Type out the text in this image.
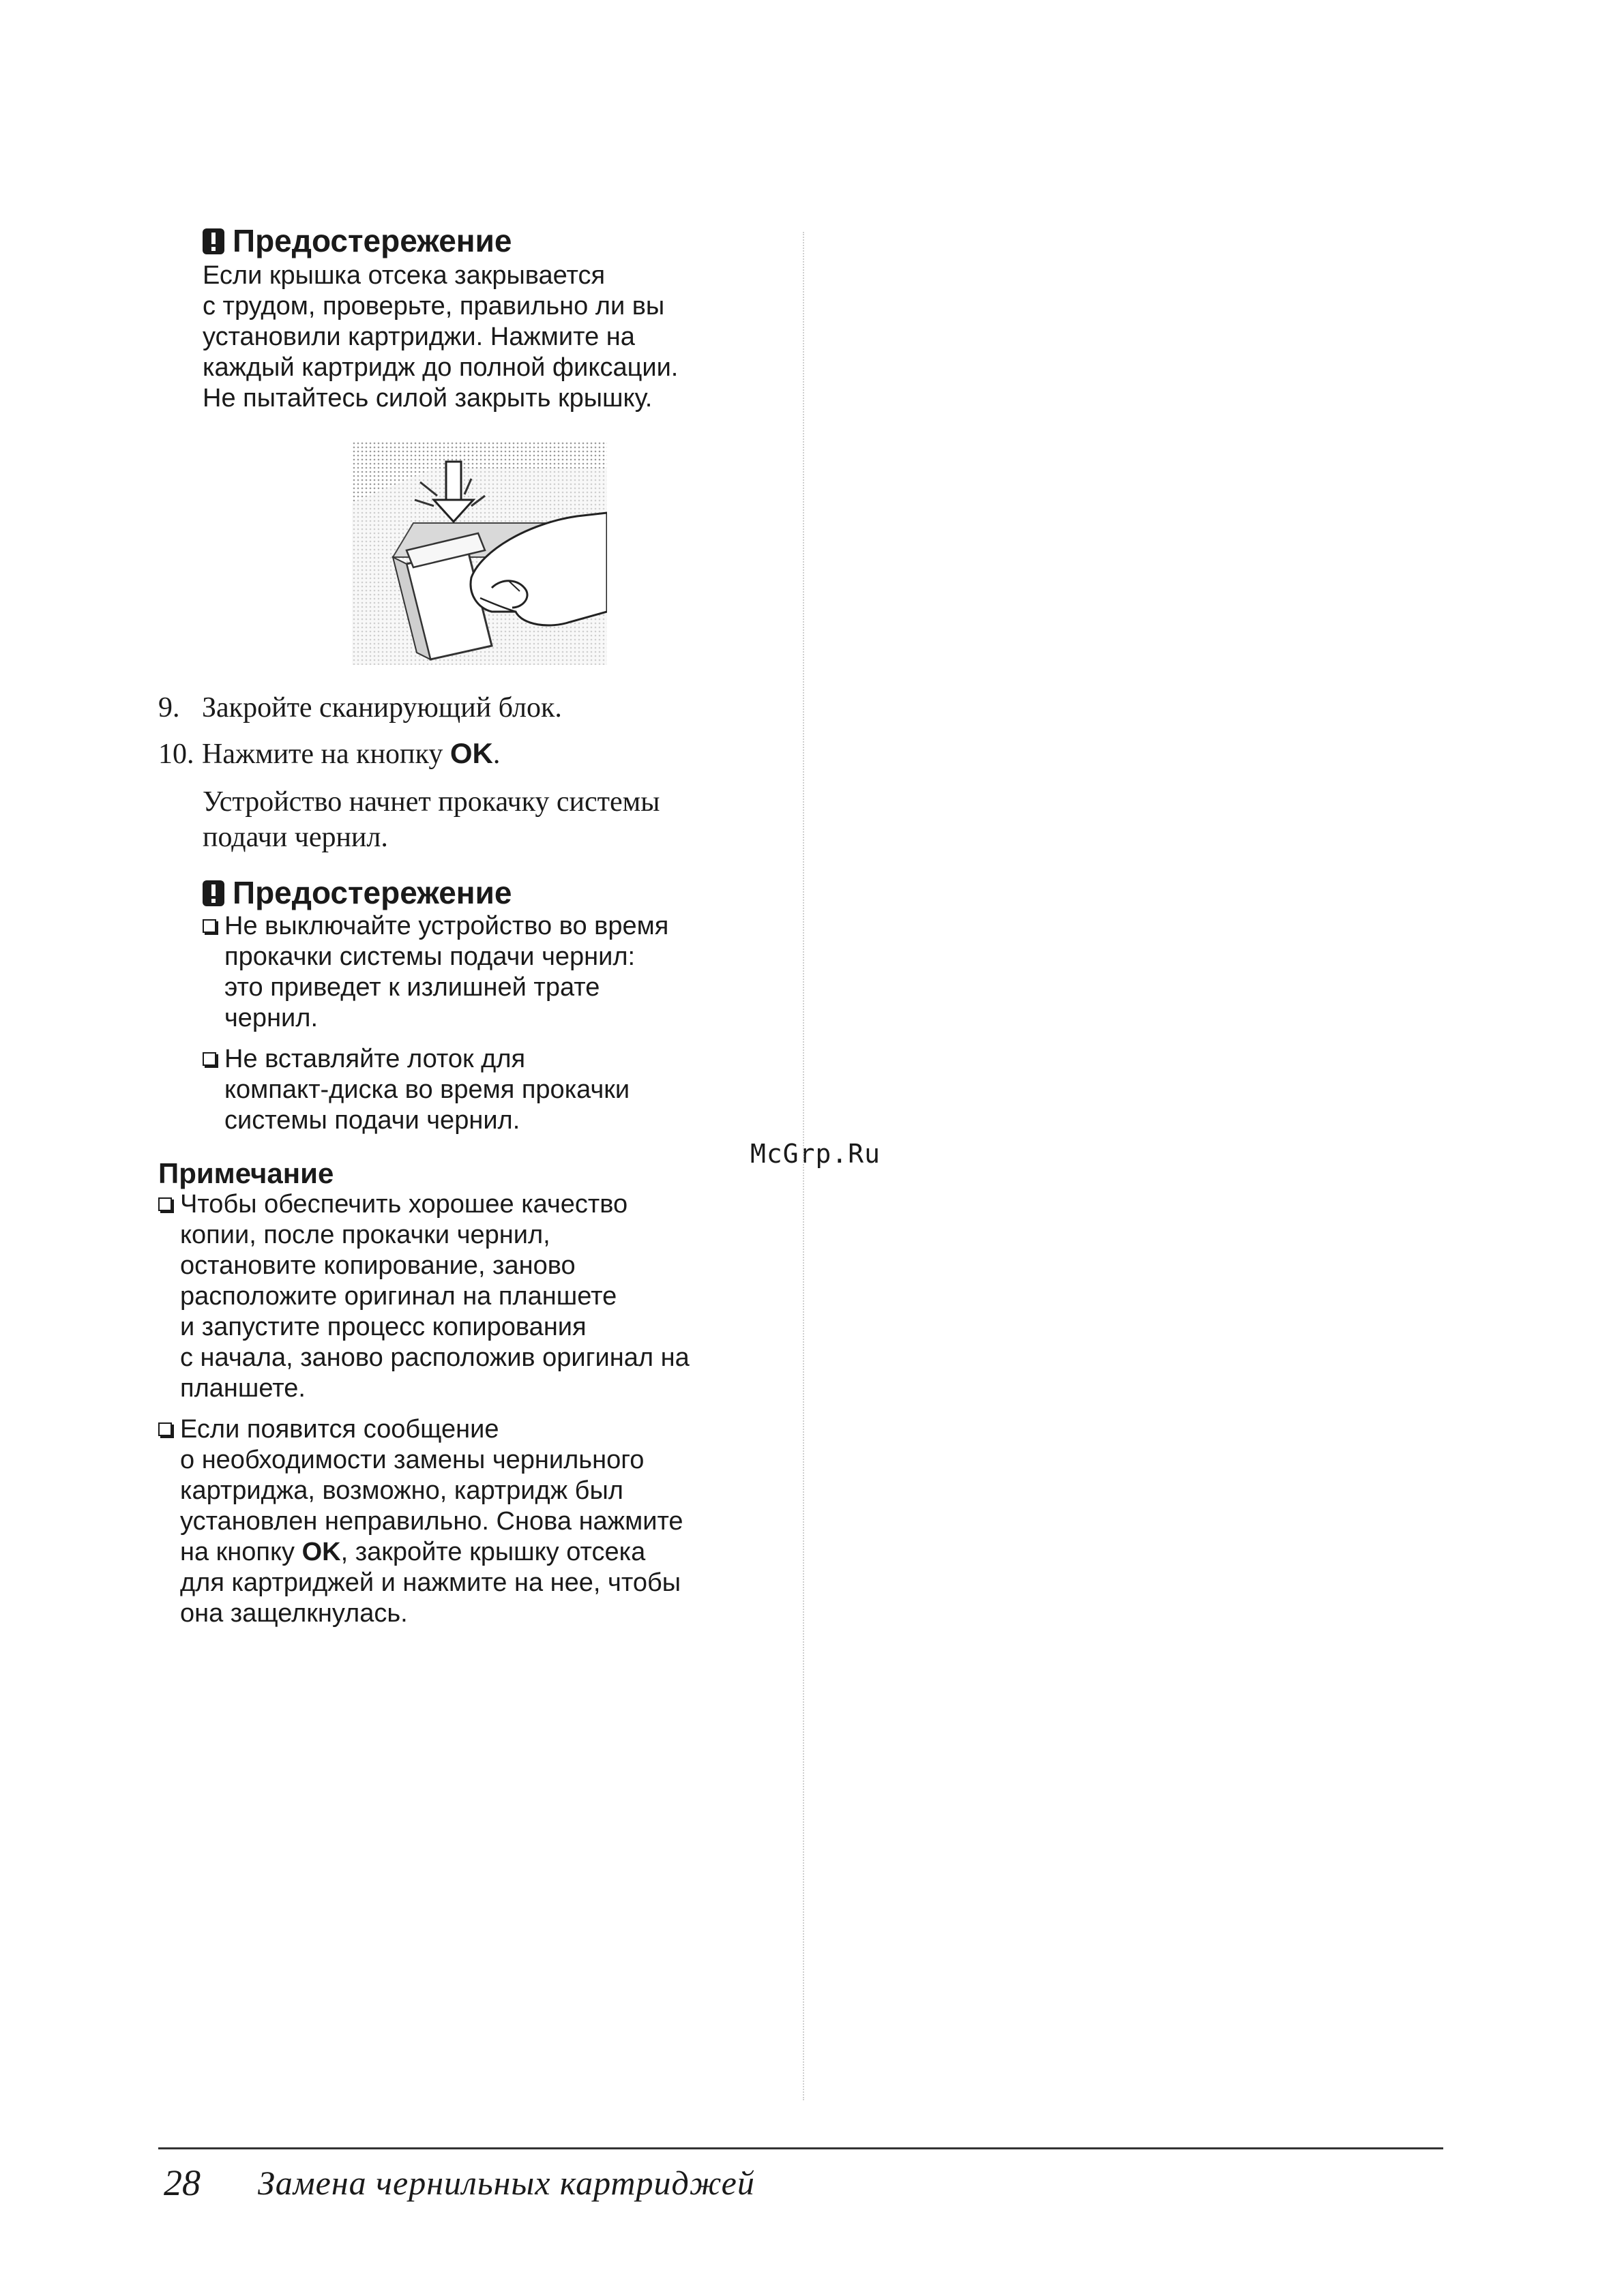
Предостережение
Если крышка отсека закрывается
с трудом, проверьте, правильно ли вы
установили картриджи. Нажмите на
каждый картридж до полной фиксации.
Не пытайтесь силой закрыть крышку.
9. Закройте сканирующий блок.
10. Нажмите на кнопку OK.
Устройство начнет прокачку системы
подачи чернил.
Предостережение
Не выключайте устройство во время
прокачки системы подачи чернил:
это приведет к излишней трате
чернил.
Не вставляйте лоток для
компакт-диска во время прокачки
системы подачи чернил.
Примечание
Чтобы обеспечить хорошее качество
копии, после прокачки чернил,
остановите копирование, заново
расположите оригинал на планшете
и запустите процесс копирования
с начала, заново расположив оригинал на
планшете.
Если появится сообщение
о необходимости замены чернильного
картриджа, возможно, картридж был
установлен неправильно. Снова нажмите
на кнопку OK, закройте крышку отсека
для картриджей и нажмите на нее, чтобы
она защелкнулась.
McGrp.Ru
28 Замена чернильных картриджей
